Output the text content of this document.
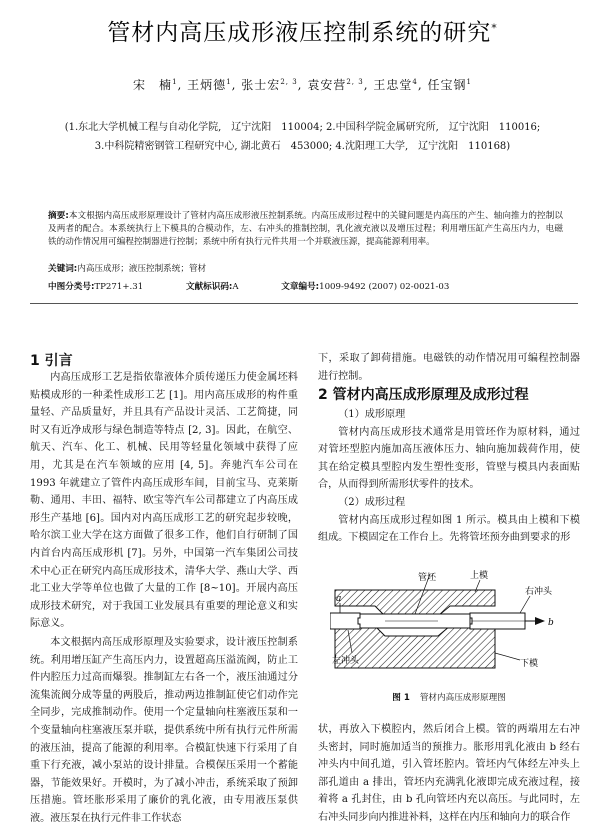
管材内高压成形液压控制系统的研究*
宋　楠$^1$, 王炳德$^1$, 张士宏$^{2, 3}$, 袁安营$^{2, 3}$, 王忠堂$^4$, 任宝钢$^1$
(1.东北大学机械工程与自动化学院,　辽宁沈阳　110004; 2.中国科学院金属研究所,　辽宁沈阳　110016;
3.中科院精密钢管工程研究中心, 湖北黄石　453000; 4.沈阳理工大学,　辽宁沈阳　110168)
摘要:本文根据内高压成形原理设计了管材内高压成形液压控制系统。内高压成形过程中的关键问题是内高压的产生、轴向推力的控制以及两者的配合。本系统执行上下模具的合模动作，左、右冲头的推制控制，乳化液充液以及增压过程；利用增压缸产生高压内力，电磁铁的动作情况用可编程控制器进行控制；系统中所有执行元件共用一个并联液压源，提高能源利用率。
关键词:内高压成形；液压控制系统；管材
中图分类号:TP271+.31	文献标识码:A	文章编号:1009-9492 (2007) 02-0021-03
1 引言

内高压成形工艺是指依靠液体介质传递压力使金属坯料贴模成形的一种柔性成形工艺 [1]。用内高压成形的构件重量轻、产品质量好，并且具有产品设计灵活、工艺简捷，同时又有近净成形与绿色制造等特点 [2, 3]。因此，在航空、航天、汽车、化工、机械、民用等轻量化领域中获得了应用，尤其是在汽车领域的应用 [4, 5]。奔驰汽车公司在 1993 年就建立了管件内高压成形车间，目前宝马、克莱斯勒、通用、丰田、福特、欧宝等汽车公司都建立了内高压成形生产基地 [6]。国内对内高压成形工艺的研究起步较晚，哈尔滨工业大学在这方面做了很多工作，他们自行研制了国内首台内高压成形机 [7]。另外，中国第一汽车集团公司技术中心正在研究内高压成形技术，清华大学、燕山大学、西北工业大学等单位也做了大量的工作 [8~10]。开展内高压成形技术研究，对于我国工业发展具有重要的理论意义和实际意义。

本文根据内高压成形原理及实验要求，设计液压控制系统。利用增压缸产生高压内力，设置超高压溢流阀，防止工件内腔压力过高而爆裂。推制缸左右各一个，液压油通过分流集流阀分成等量的两股后，推动两边推制缸使它们动作完全同步，完成推制动作。使用一个定量轴向柱塞液压泵和一个变量轴向柱塞液压泵并联，提供系统中所有执行元件所需的液压油，提高了能源的利用率。合模缸快速下行采用了自重下行充液，减小泵站的设计排量。合模保压采用一个蓄能器，节能效果好。开模时，为了减小冲击，系统采取了预卸压措施。管坯胀形采用了廉价的乳化液，由专用液压泵供液。液压泵在执行元件非工作状态

下，采取了卸荷措施。电磁铁的动作情况用可编程控制器进行控制。
2 管材内高压成形原理及成形过程

（1）成形原理

管材内高压成形技术通常是用管坯作为原材料，通过对管坯型腔内施加高压液体压力、轴向施加载荷作用，使其在给定模具型腔内发生塑性变形，管壁与模具内表面贴合，从而得到所需形状零件的技术。

（2）成形过程

管材内高压成形过程如图 1 所示。模具由上模和下模组成。下模固定在工作台上。先将管坯预夯曲到要求的形

管坯	上模
右冲头
左冲头	下模
a
b
图 1 管材内高压成形原理图

状，再放入下模腔内，然后闭合上模。管的两端用左右冲头密封，同时施加适当的预推力。胀形用乳化液由 b 经右冲头内中间孔道，引入管坯腔内。管坯内气体经左冲头上部孔道由 a 排出，管坯内充满乳化液即完成充液过程，接着将 a 孔封住，由 b 孔向管坯内充以高压。与此同时，左右冲头同步向内推进补料，这样在内压和轴向力的联合作
